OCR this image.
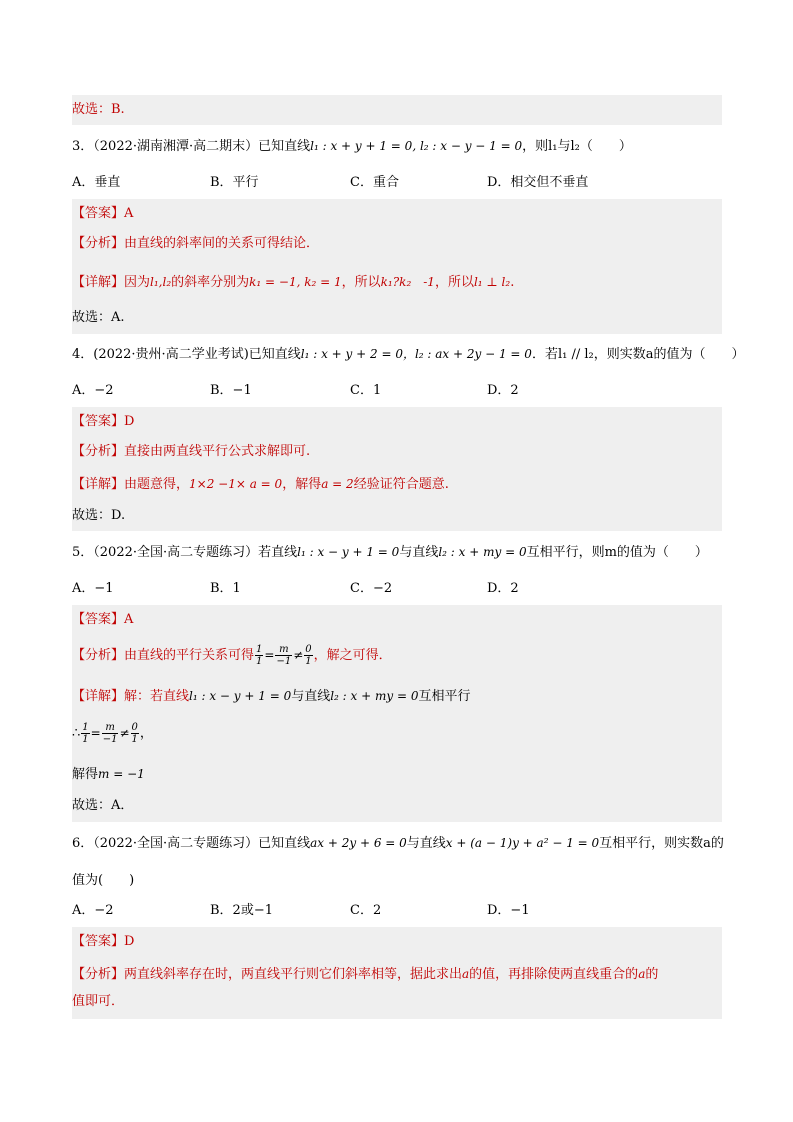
故选：B.
3．（2022·湖南湘潭·高二期末）已知直线l₁ : x + y + 1 = 0, l₂ : x − y − 1 = 0，则l₁与l₂（　　）
A．垂直	B．平行	C．重合	D．相交但不垂直
【答案】A
【分析】由直线的斜率间的关系可得结论．
【详解】因为l₁,l₂的斜率分别为k₁ = −1, k₂ = 1，所以k₁?k₂　-1，所以l₁ ⊥ l₂.
故选：A.
4．(2022·贵州·高二学业考试)已知直线l₁ : x + y + 2 = 0，l₂ : ax + 2y − 1 = 0．若l₁ // l₂，则实数a的值为（　　）
A．−2	B．−1	C．1	D．2
【答案】D
【分析】直接由两直线平行公式求解即可.
【详解】由题意得，1×2 −1× a = 0，解得a = 2经验证符合题意.
故选：D.
5．（2022·全国·高二专题练习）若直线l₁ : x − y + 1 = 0与直线l₂ : x + my = 0互相平行，则m的值为（　　）
A．−1	B．1	C．−2	D．2
【答案】A
【分析】由直线的平行关系可得 $\frac{1}{1} = \frac{m}{-1} \ne \frac{0}{1}$ ，解之可得．
【详解】解：若直线l₁ : x − y + 1 = 0与直线l₂ : x + my = 0互相平行
∴ $\frac{1}{1} = \frac{m}{-1} \ne \frac{0}{1}$ ，
解得m = −1
故选：A．
6．（2022·全国·高二专题练习）已知直线ax + 2y + 6 = 0与直线x + (a − 1)y + a² − 1 = 0互相平行，则实数a的
值为(　　)
A．−2	B．2或−1	C．2	D．−1
【答案】D
【分析】两直线斜率存在时，两直线平行则它们斜率相等，据此求出a的值，再排除使两直线重合的a的
值即可．
